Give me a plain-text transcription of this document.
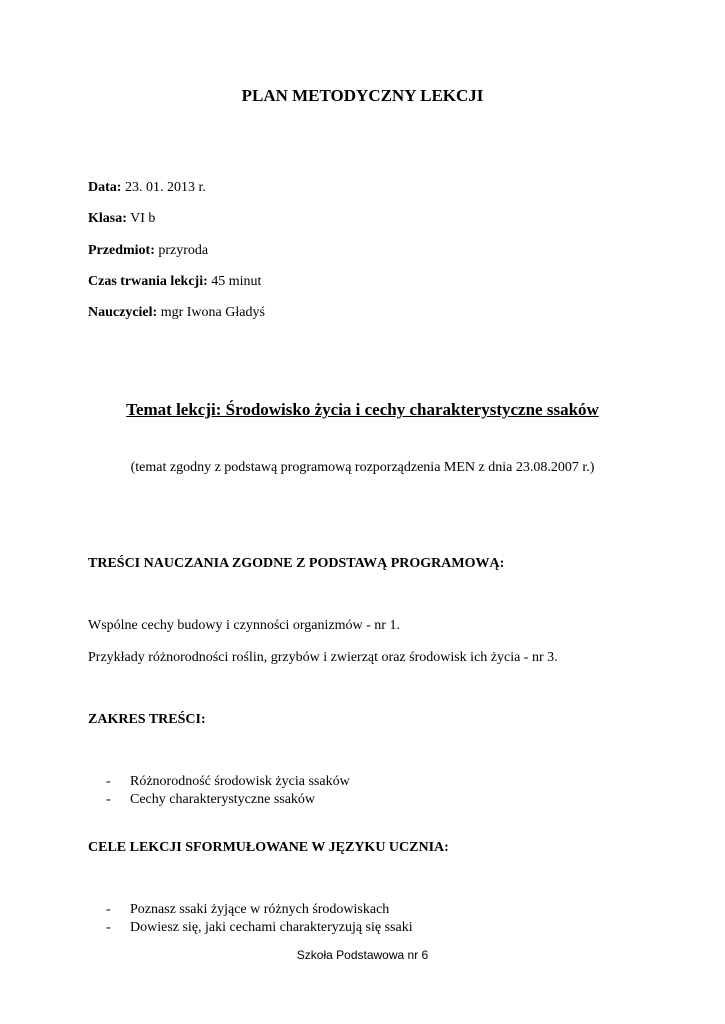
PLAN METODYCZNY LEKCJI
Data: 23. 01. 2013 r.
Klasa: VI b
Przedmiot: przyroda
Czas trwania lekcji: 45 minut
Nauczyciel: mgr Iwona Gładyś
Temat lekcji: Środowisko życia i cechy charakterystyczne ssaków
(temat zgodny z podstawą programową rozporządzenia MEN z dnia 23.08.2007 r.)
TREŚCI NAUCZANIA ZGODNE Z PODSTAWĄ PROGRAMOWĄ:
Wspólne cechy budowy i czynności organizmów - nr 1.
Przykłady różnorodności roślin, grzybów i zwierząt oraz środowisk ich życia - nr 3.
ZAKRES TREŚCI:
- Różnorodność środowisk życia ssaków
- Cechy charakterystyczne ssaków
CELE LEKCJI SFORMUŁOWANE W JĘZYKU UCZNIA:
- Poznasz ssaki żyjące w różnych środowiskach
- Dowiesz się, jaki cechami charakteryzują się ssaki
Szkoła Podstawowa nr 6
